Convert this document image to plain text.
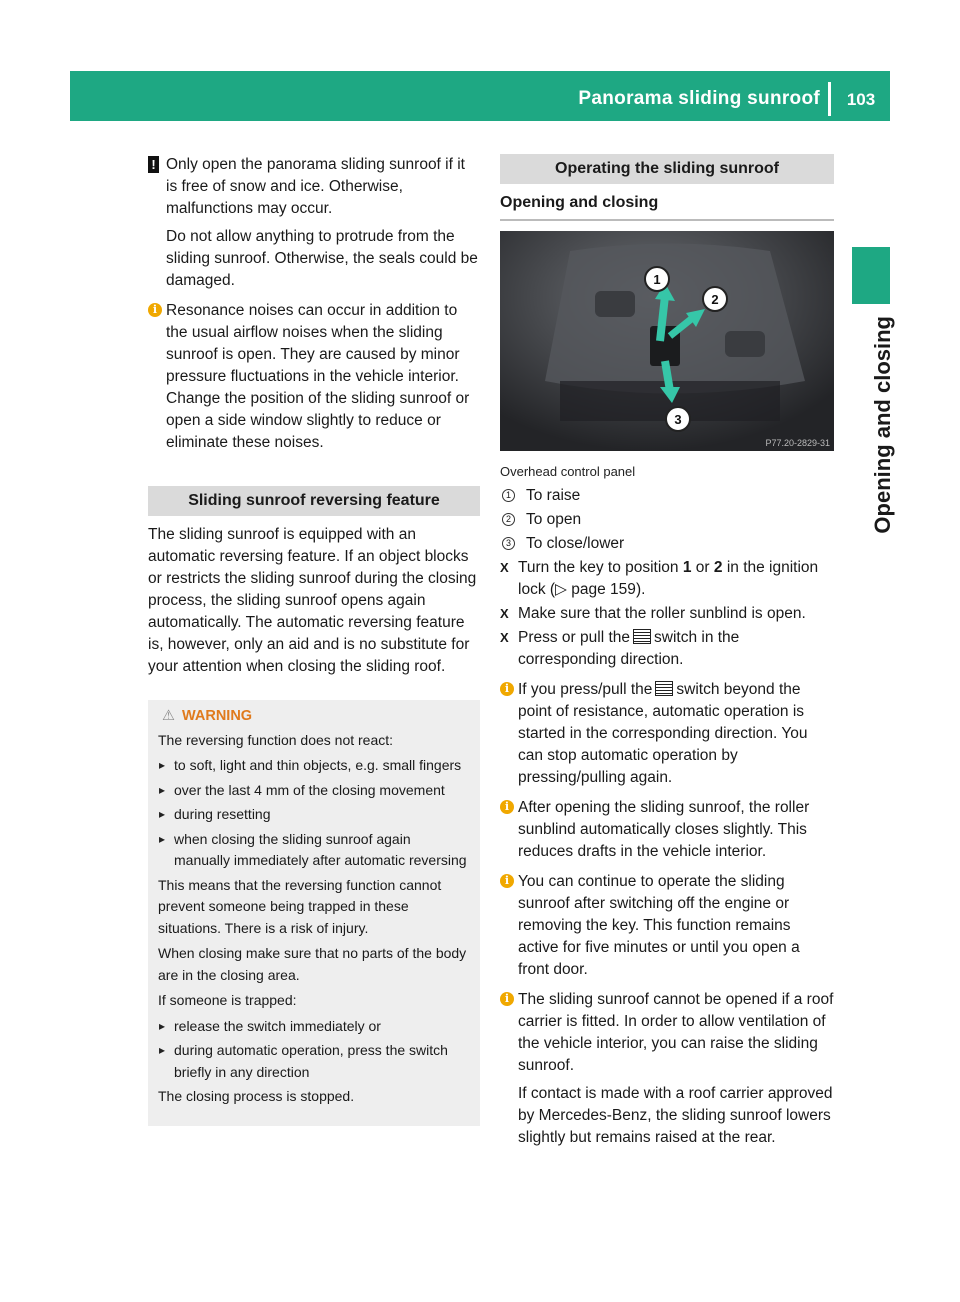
Panorama sliding sunroof	103
Opening and closing
! Only open the panorama sliding sunroof if it is free of snow and ice. Otherwise, malfunctions may occur.

Do not allow anything to protrude from the sliding sunroof. Otherwise, the seals could be damaged.

i Resonance noises can occur in addition to the usual airflow noises when the sliding sunroof is open. They are caused by minor pressure fluctuations in the vehicle interior. Change the position of the sliding sunroof or open a side window slightly to reduce or eliminate these noises.

Sliding sunroof reversing feature

The sliding sunroof is equipped with an automatic reversing feature. If an object blocks or restricts the sliding sunroof during the closing process, the sliding sunroof opens again automatically. The automatic reversing feature is, however, only an aid and is no substitute for your attention when closing the sliding roof.

⚠ WARNING

The reversing function does not react:

▸ to soft, light and thin objects, e.g. small fingers
▸ over the last 4 mm of the closing movement
▸ during resetting
▸ when closing the sliding sunroof again manually immediately after automatic reversing

This means that the reversing function cannot prevent someone being trapped in these situations. There is a risk of injury.

When closing make sure that no parts of the body are in the closing area.

If someone is trapped:

▸ release the switch immediately or
▸ during automatic operation, press the switch briefly in any direction

The closing process is stopped.

Operating the sliding sunroof
Opening and closing
1
2
3
P77.20-2829-31
Overhead control panel
1 To raise
2 To open
3 To close/lower
X Turn the key to position 1 or 2 in the ignition lock (▷ page 159).
X Make sure that the roller sunblind is open.
X Press or pull the switch in the corresponding direction.
i If you press/pull the switch beyond the point of resistance, automatic operation is started in the corresponding direction. You can stop automatic operation by pressing/pulling again.

i After opening the sliding sunroof, the roller sunblind automatically closes slightly. This reduces drafts in the vehicle interior.

i You can continue to operate the sliding sunroof after switching off the engine or removing the key. This function remains active for five minutes or until you open a front door.

i The sliding sunroof cannot be opened if a roof carrier is fitted. In order to allow ventilation of the vehicle interior, you can raise the sliding sunroof.

If contact is made with a roof carrier approved by Mercedes-Benz, the sliding sunroof lowers slightly but remains raised at the rear.
